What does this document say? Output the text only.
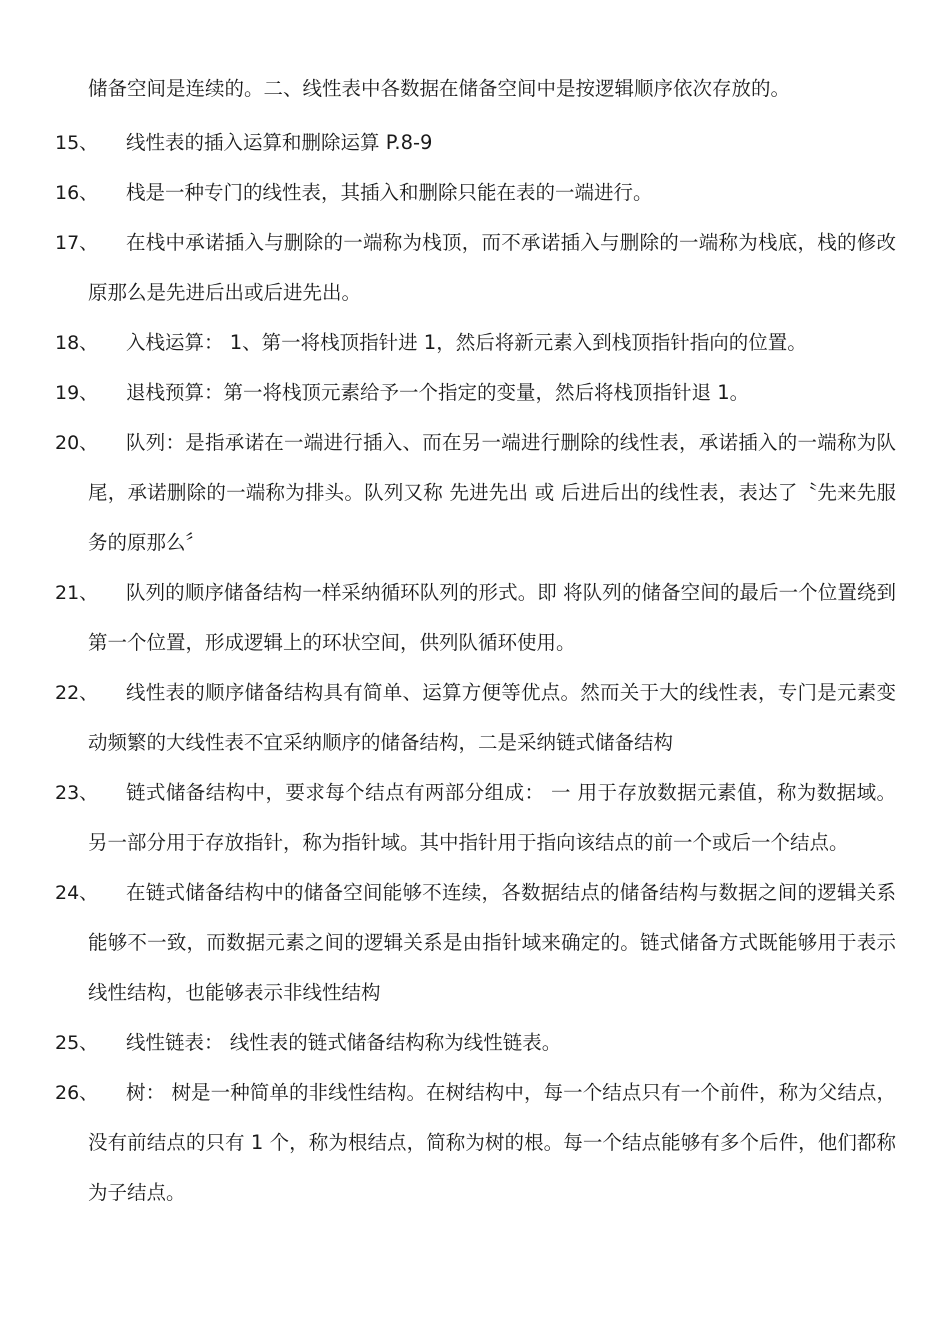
储备空间是连续的。二、线性表中各数据在储备空间中是按逻辑顺序依次存放的。
15、	线性表的插入运算和删除运算 P.8-9
16、	栈是一种专门的线性表，其插入和删除只能在表的一端进行。
17、	在栈中承诺插入与删除的一端称为栈顶，而不承诺插入与删除的一端称为栈底，栈的修改原那么是先进后出或后进先出。
18、	入栈运算： 1、第一将栈顶指针进 1，然后将新元素入到栈顶指针指向的位置。
19、	退栈预算：第一将栈顶元素给予一个指定的变量，然后将栈顶指针退 1。
20、	队列：是指承诺在一端进行插入、而在另一端进行删除的线性表，承诺插入的一端称为队尾，承诺删除的一端称为排头。队列又称 先进先出 或 后进后出的线性表，表达了〝先来先服务的原那么〞
21、	队列的顺序储备结构一样采纳循环队列的形式。即 将队列的储备空间的最后一个位置绕到第一个位置，形成逻辑上的环状空间，供列队循环使用。
22、	线性表的顺序储备结构具有简单、运算方便等优点。然而关于大的线性表，专门是元素变动频繁的大线性表不宜采纳顺序的储备结构，二是采纳链式储备结构
23、	链式储备结构中，要求每个结点有两部分组成： 一 用于存放数据元素值，称为数据域。 另一部分用于存放指针，称为指针域。其中指针用于指向该结点的前一个或后一个结点。
24、	在链式储备结构中的储备空间能够不连续，各数据结点的储备结构与数据之间的逻辑关系能够不一致，而数据元素之间的逻辑关系是由指针域来确定的。链式储备方式既能够用于表示线性结构，也能够表示非线性结构
25、	线性链表： 线性表的链式储备结构称为线性链表。
26、	树： 树是一种简单的非线性结构。在树结构中，每一个结点只有一个前件，称为父结点，没有前结点的只有 1 个，称为根结点，简称为树的根。每一个结点能够有多个后件，他们都称为子结点。
